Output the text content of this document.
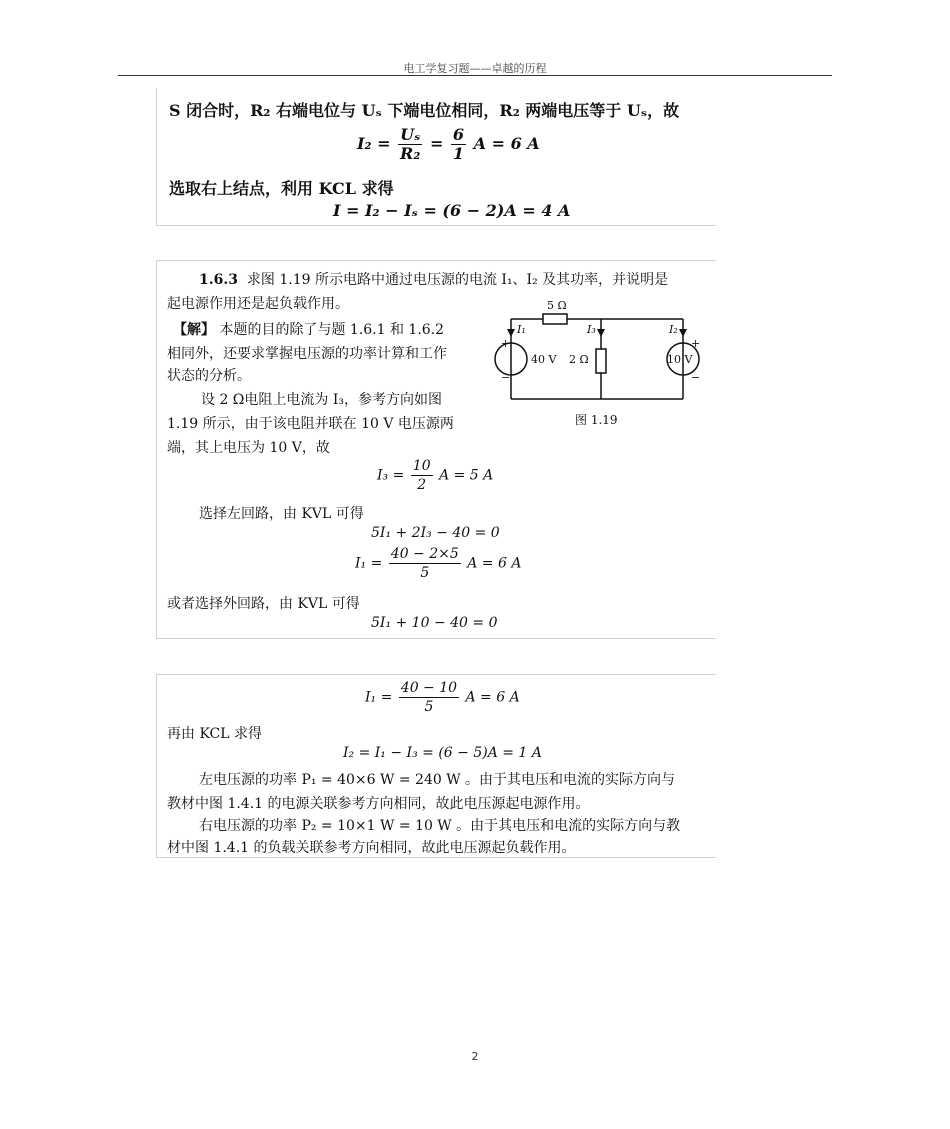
电工学复习题——卓越的历程
S 闭合时，R₂ 右端电位与 Uₛ 下端电位相同，R₂ 两端电压等于 Uₛ，故
$I_2 = \frac{\text{Uₛ}}{\text{R₂}} = \frac{6}{1}$ A = 6 A
选取右上结点，利用 KCL 求得
I = I₂ − Iₛ = (6 − 2)A = 4 A
1.6.3 求图 1.19 所示电路中通过电压源的电流 I₁、I₂ 及其功率，并说明是
起电源作用还是起负载作用。
【解】 本题的目的除了与题 1.6.1 和 1.6.2
相同外，还要求掌握电压源的功率计算和工作
状态的分析。
设 2 Ω电阻上电流为 I₃，参考方向如图
1.19 所示，由于该电阻并联在 10 V 电压源两
端，其上电压为 10 V，故
$I_3 = \frac{10}{2}$ A = 5 A
选择左回路，由 KVL 可得
5I₁ + 2I₃ − 40 = 0
$I_1 = \frac{40 - 2\times 5}{5}$ A = 6 A
或者选择外回路，由 KVL 可得
5I₁ + 10 − 40 = 0
5 Ω
I₁	I₃	I₂
+
40 V
−
2 Ω
+
10 V
−
图 1.19
$I_1 = \frac{40 - 10}{5}$ A = 6 A
再由 KCL 求得
I₂ = I₁ − I₃ = (6 − 5)A = 1 A
左电压源的功率 P₁ = 40×6 W = 240 W 。由于其电压和电流的实际方向与
教材中图 1.4.1 的电源关联参考方向相同，故此电压源起电源作用。
右电压源的功率 P₂ = 10×1 W = 10 W 。由于其电压和电流的实际方向与教
材中图 1.4.1 的负载关联参考方向相同，故此电压源起负载作用。
2
